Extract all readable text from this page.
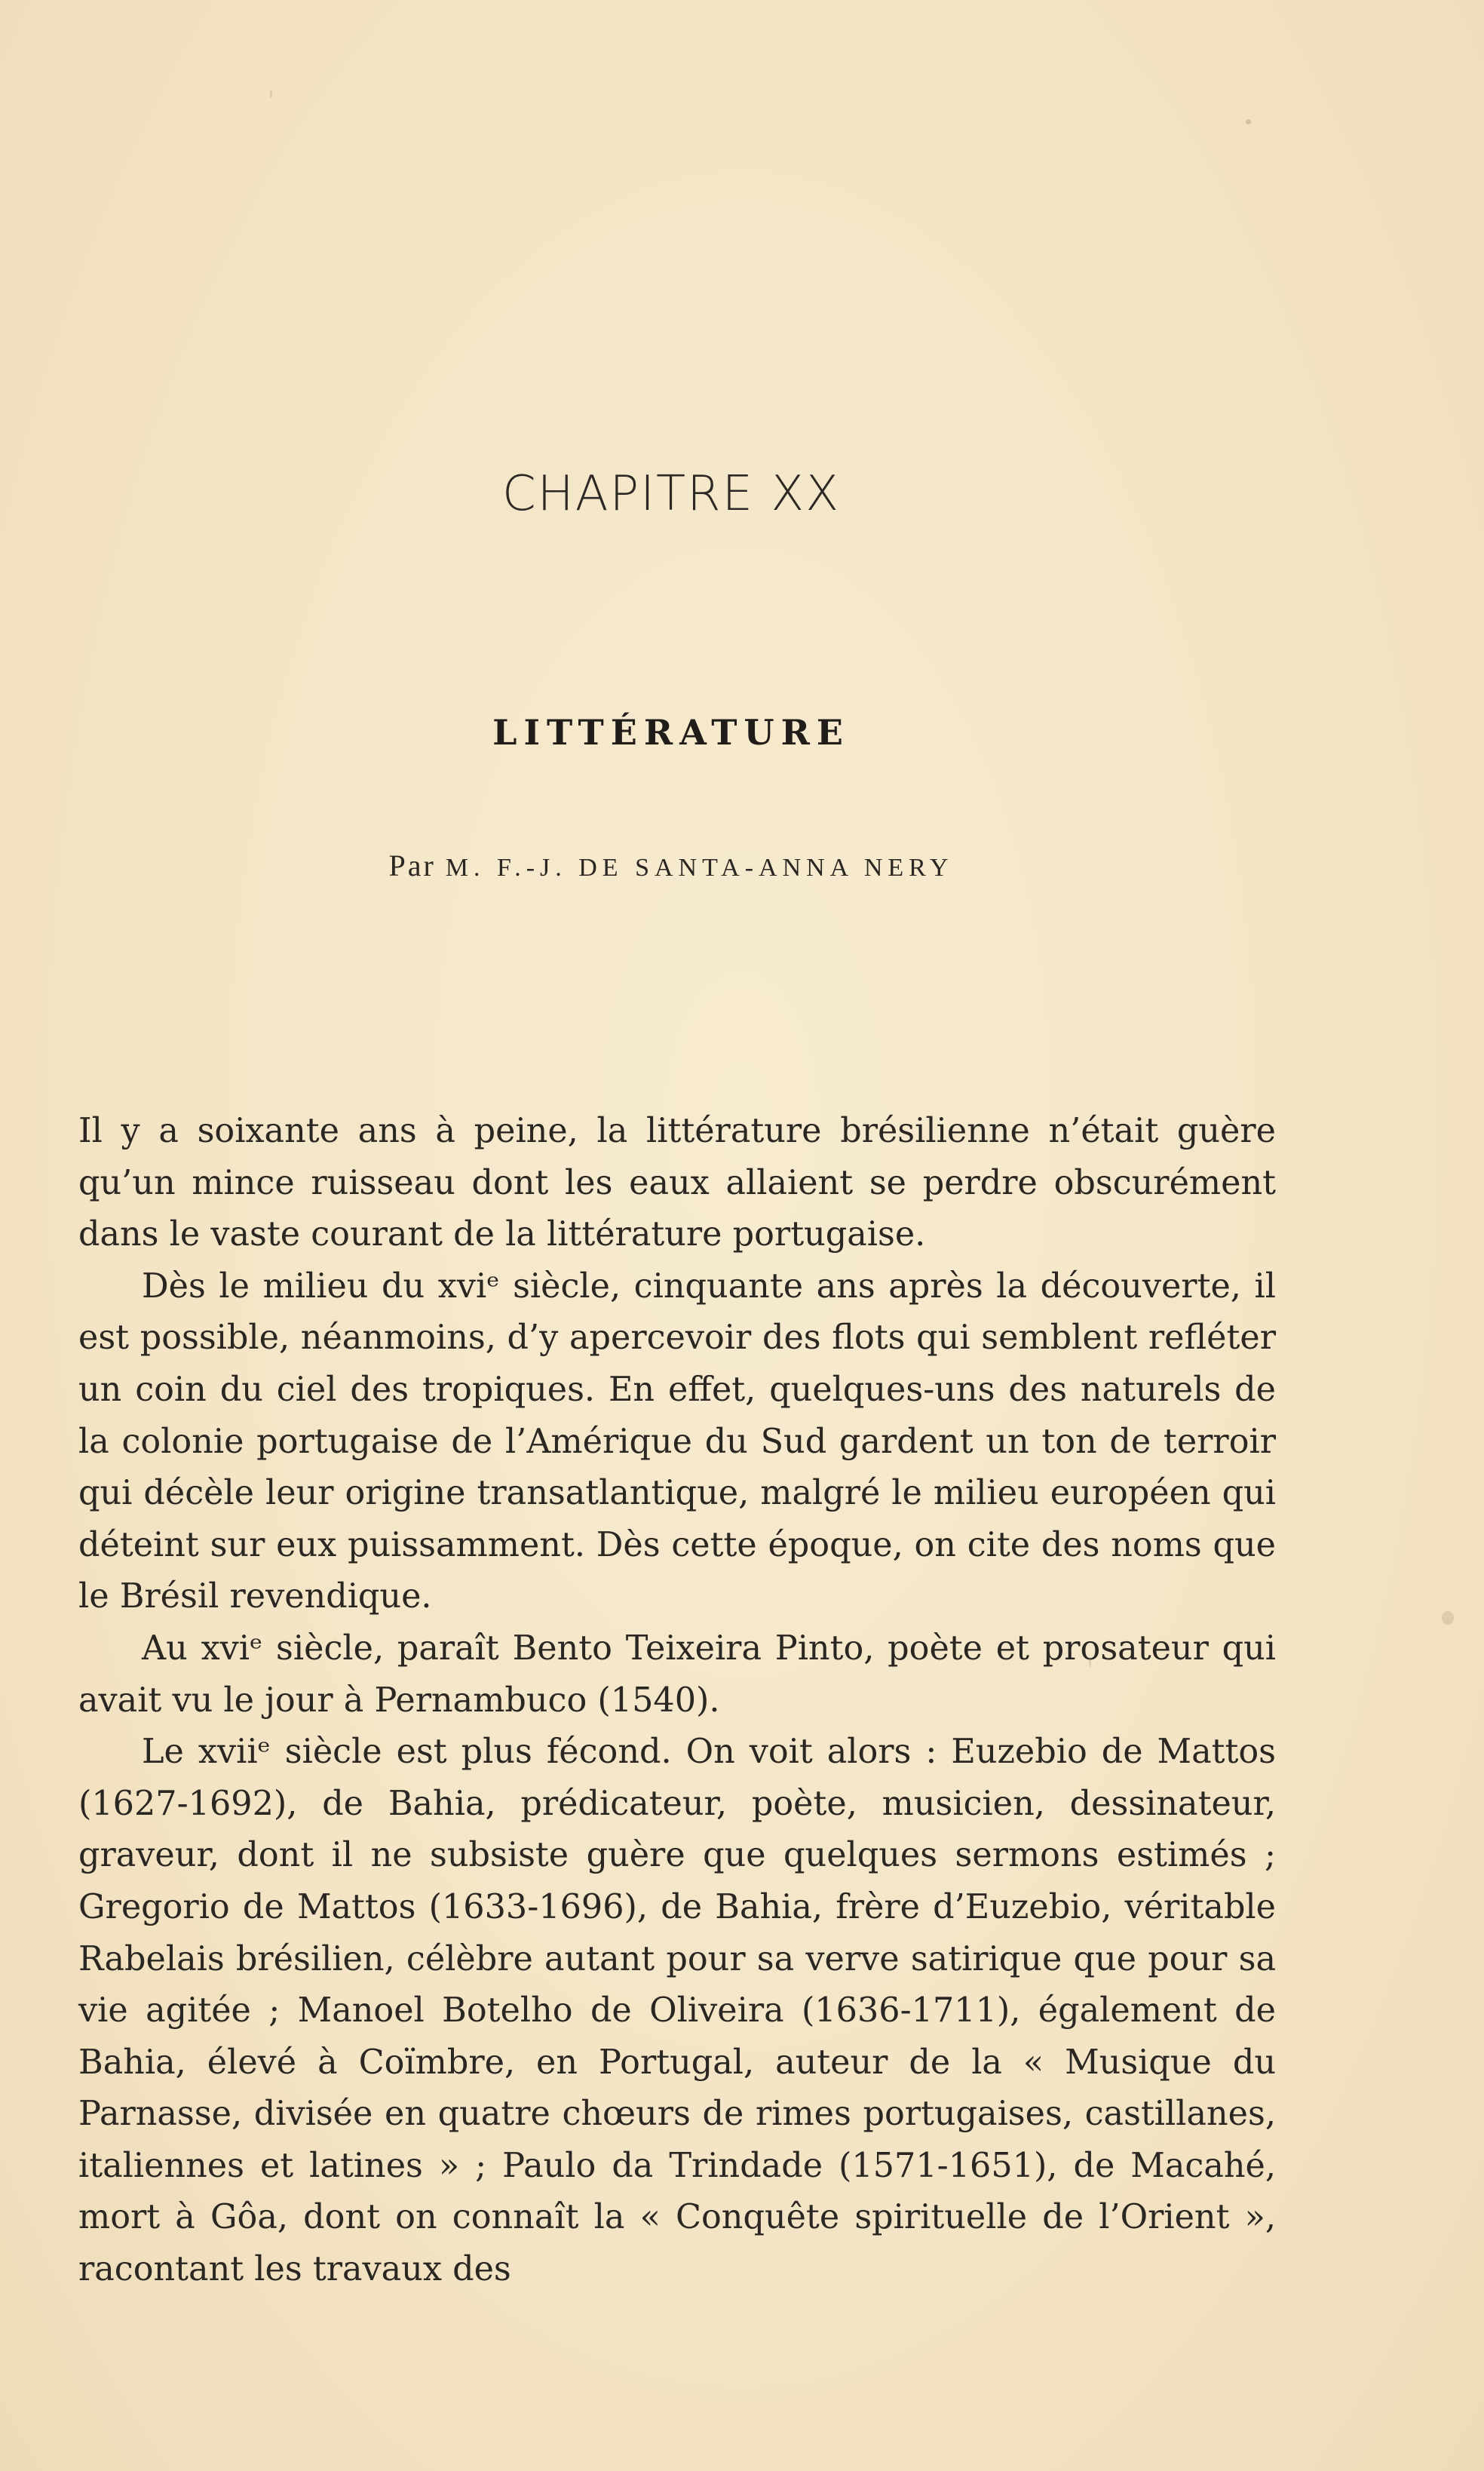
CHAPITRE XX
LITTÉRATURE
Par M. F.-J. DE SANTA-ANNA NERY

Il y a soixante ans à peine, la littérature brésilienne n’était guère qu’un mince ruisseau dont les eaux allaient se perdre obscurément dans le vaste courant de la littérature portugaise.

Dès le milieu du xviᵉ siècle, cinquante ans après la découverte, il est possible, néanmoins, d’y apercevoir des flots qui semblent refléter un coin du ciel des tropiques. En effet, quelques-uns des naturels de la colonie portugaise de l’Amérique du Sud gardent un ton de terroir qui décèle leur origine transatlantique, malgré le milieu européen qui déteint sur eux puissamment. Dès cette époque, on cite des noms que le Brésil revendique.

Au xviᵉ siècle, paraît Bento Teixeira Pinto, poète et prosateur qui avait vu le jour à Pernambuco (1540).

Le xviiᵉ siècle est plus fécond. On voit alors : Euzebio de Mattos (1627-1692), de Bahia, prédicateur, poète, musicien, dessinateur, graveur, dont il ne subsiste guère que quelques sermons estimés ; Gregorio de Mattos (1633-1696), de Bahia, frère d’Euzebio, véritable Rabelais brésilien, célèbre autant pour sa verve satirique que pour sa vie agitée ; Manoel Botelho de Oliveira (1636-1711), également de Bahia, élevé à Coïmbre, en Portugal, auteur de la « Musique du Parnasse, divisée en quatre chœurs de rimes portugaises, castillanes, italiennes et latines » ; Paulo da Trindade (1571-1651), de Macahé, mort à Gôa, dont on connaît la « Conquête spirituelle de l’Orient », racontant les travaux des
